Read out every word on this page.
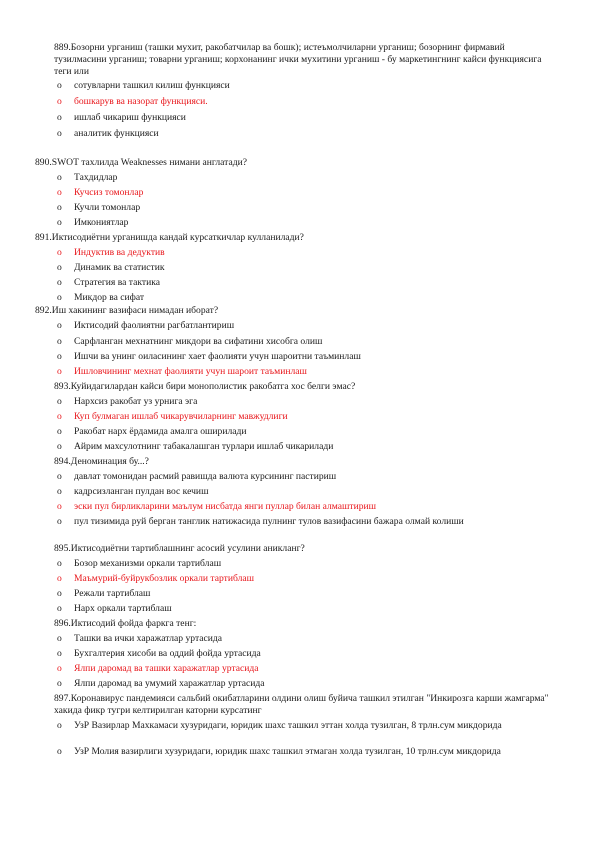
889.Бозорни урганиш (ташки мухит, ракобатчилар ва бошк); истеъмолчиларни урганиш; бозорнинг фирмавий тузилмасини урганиш; товарни урганиш; корхонанинг ички мухитини урганиш - бу маркетингнинг кайси функциясига теги или

o	сотувларни ташкил килиш функцияси
o	бошкарув ва назорат функцияси.
o	ишлаб чикариш функцияси
o	аналитик функцияси

890.SWOT тахлилда Weaknesses нимани англатади?

o	Тахдидлар
o	Кучсиз томонлар
o	Кучли томонлар
o	Имкониятлар

891.Иктисодиётни урганишда кандай курсаткичлар кулланилади?

o	Индуктив ва дедуктив
o	Динамик ва статистик
o	Стратегия ва тактика
o	Микдор ва сифат

892.Иш хакининг вазифаси нимадан иборат?

o	Иктисодий фаолиятни рагбатлантириш
o	Сарфланган мехнатнинг микдори ва сифатини хисобга олиш
o	Ишчи ва унинг оиласининг хает фаолияти учун шароитни таъминлаш
o	Ишловчининг мехнат фаолияти учун шароит таъминлаш

893.Куйидагилардан кайси бири монополистик ракобатга хос белги эмас?

o	Нархсиз ракобат уз урнига эга
o	Куп булмаган ишлаб чикарувчиларнинг мавжудлиги
o	Ракобат нарх ёрдамида амалга оширилади
o	Айрим махсулотнинг табакалашган турлари ишлаб чикарилади

894.Деноминация бу...?

o	давлат томонидан расмий равишда валюта курсининг пастириш
o	кадрсизланган пулдан вос кечиш
o	эски пул бирликларини маълум нисбатда янги пуллар билан алмаштириш
o	пул тизимида руй берган танглик натижасида пулнинг тулов вазифасини бажара олмай колиши

895.Иктисодиётни тартиблашнинг асосий усулини аникланг?

o	Бозор механизми оркали тартиблаш
o	Маъмурий-буйрукбозлик оркали тартиблаш
o	Режали тартиблаш
o	Нарх оркали тартиблаш

896.Иктисодий фойда фаркга тенг:

o	Ташки ва ички харажатлар уртасида
o	Бухгалтерия хисоби ва оддий фойда уртасида
o	Ялпи даромад ва ташки харажатлар уртасида
o	Ялпи даромад ва умумий харажатлар уртасида

897.Коронавирус пандемияси сальбий окибатларини олдини олиш буйича ташкил этилган "Инкирозга карши жамгарма" хакида фикр тугри келтирилган каторни курсатинг

o	УзР Вазирлар Махкамаси хузуридаги, юридик шахс ташкил эттан холда тузилган, 8 трлн.сум микдорида
o	УзР Молия вазирлиги хузуридаги, юридик шахс ташкил этмаган холда тузилган, 10 трлн.сум микдорида
